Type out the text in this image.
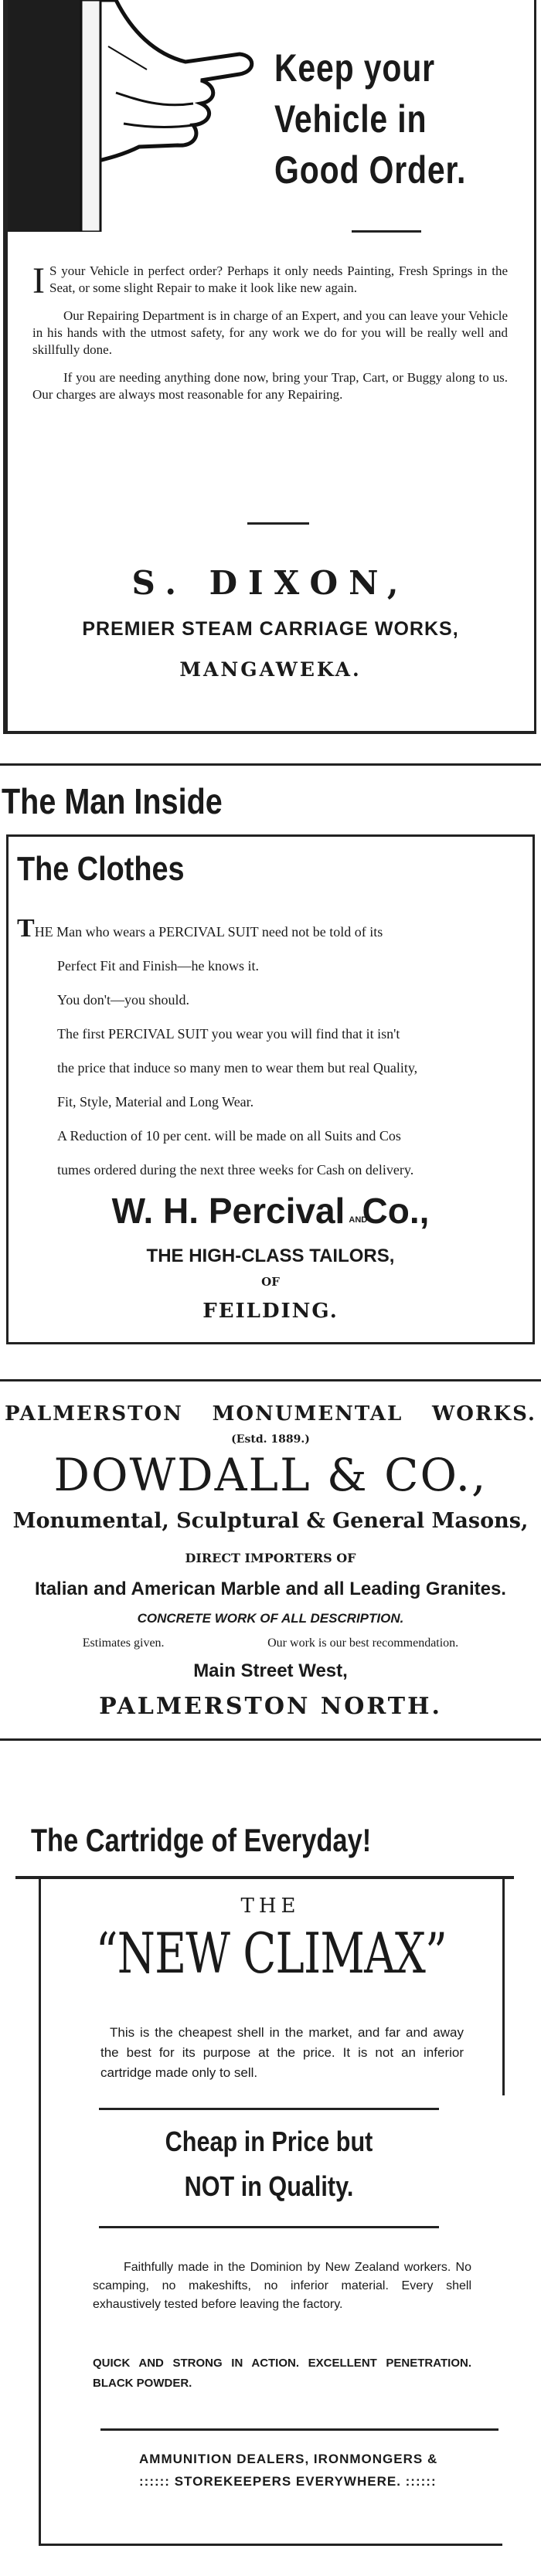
Keep your
Vehicle in
Good Order.

I S your Vehicle in perfect order? Perhaps it only needs Painting, Fresh Springs in the Seat, or some slight Repair to make it look like new again.

Our Repairing Department is in charge of an Expert, and you can leave your Vehicle in his hands with the utmost safety, for any work we do for you will be really well and skillfully done.

If you are needing anything done now, bring your Trap, Cart, or Buggy along to us. Our charges are always most reasonable for any Repairing.

S. DIXON,
PREMIER STEAM CARRIAGE WORKS,
MANGAWEKA.
The Man Inside
The Clothes
THE Man who wears a PERCIVAL SUIT need not be told of its
Perfect Fit and Finish—he knows it.
You don't—you should.
The first PERCIVAL SUIT you wear you will find that it isn't
the price that induce so many men to wear them but real Quality,
Fit, Style, Material and Long Wear.
A Reduction of 10 per cent. will be made on all Suits and Cos
tumes ordered during the next three weeks for Cash on delivery.
W. H. Percival AND Co.,
THE HIGH-CLASS TAILORS,
OF
FEILDING.
PALMERSTON MONUMENTAL WORKS.
(Estd. 1889.)
DOWDALL & CO.,
Monumental, Sculptural & General Masons,
DIRECT IMPORTERS OF
Italian and American Marble and all Leading Granites.
CONCRETE WORK OF ALL DESCRIPTION.
Estimates given.	Our work is our best recommendation.
Main Street West,
PALMERSTON NORTH.
The Cartridge of Everyday!
THE
“NEW CLIMAX”
This is the cheapest shell in the market, and far and away the best for its purpose at the price. It is not an inferior cartridge made only to sell.
Cheap in Price but
NOT in Quality.
Faithfully made in the Dominion by New Zealand workers. No scamping, no makeshifts, no inferior material. Every shell exhaustively tested before leaving the factory.
QUICK AND STRONG IN ACTION. EXCELLENT PENETRATION. BLACK POWDER.
AMMUNITION DEALERS, IRONMONGERS &
:::::: STOREKEEPERS EVERYWHERE. ::::::
